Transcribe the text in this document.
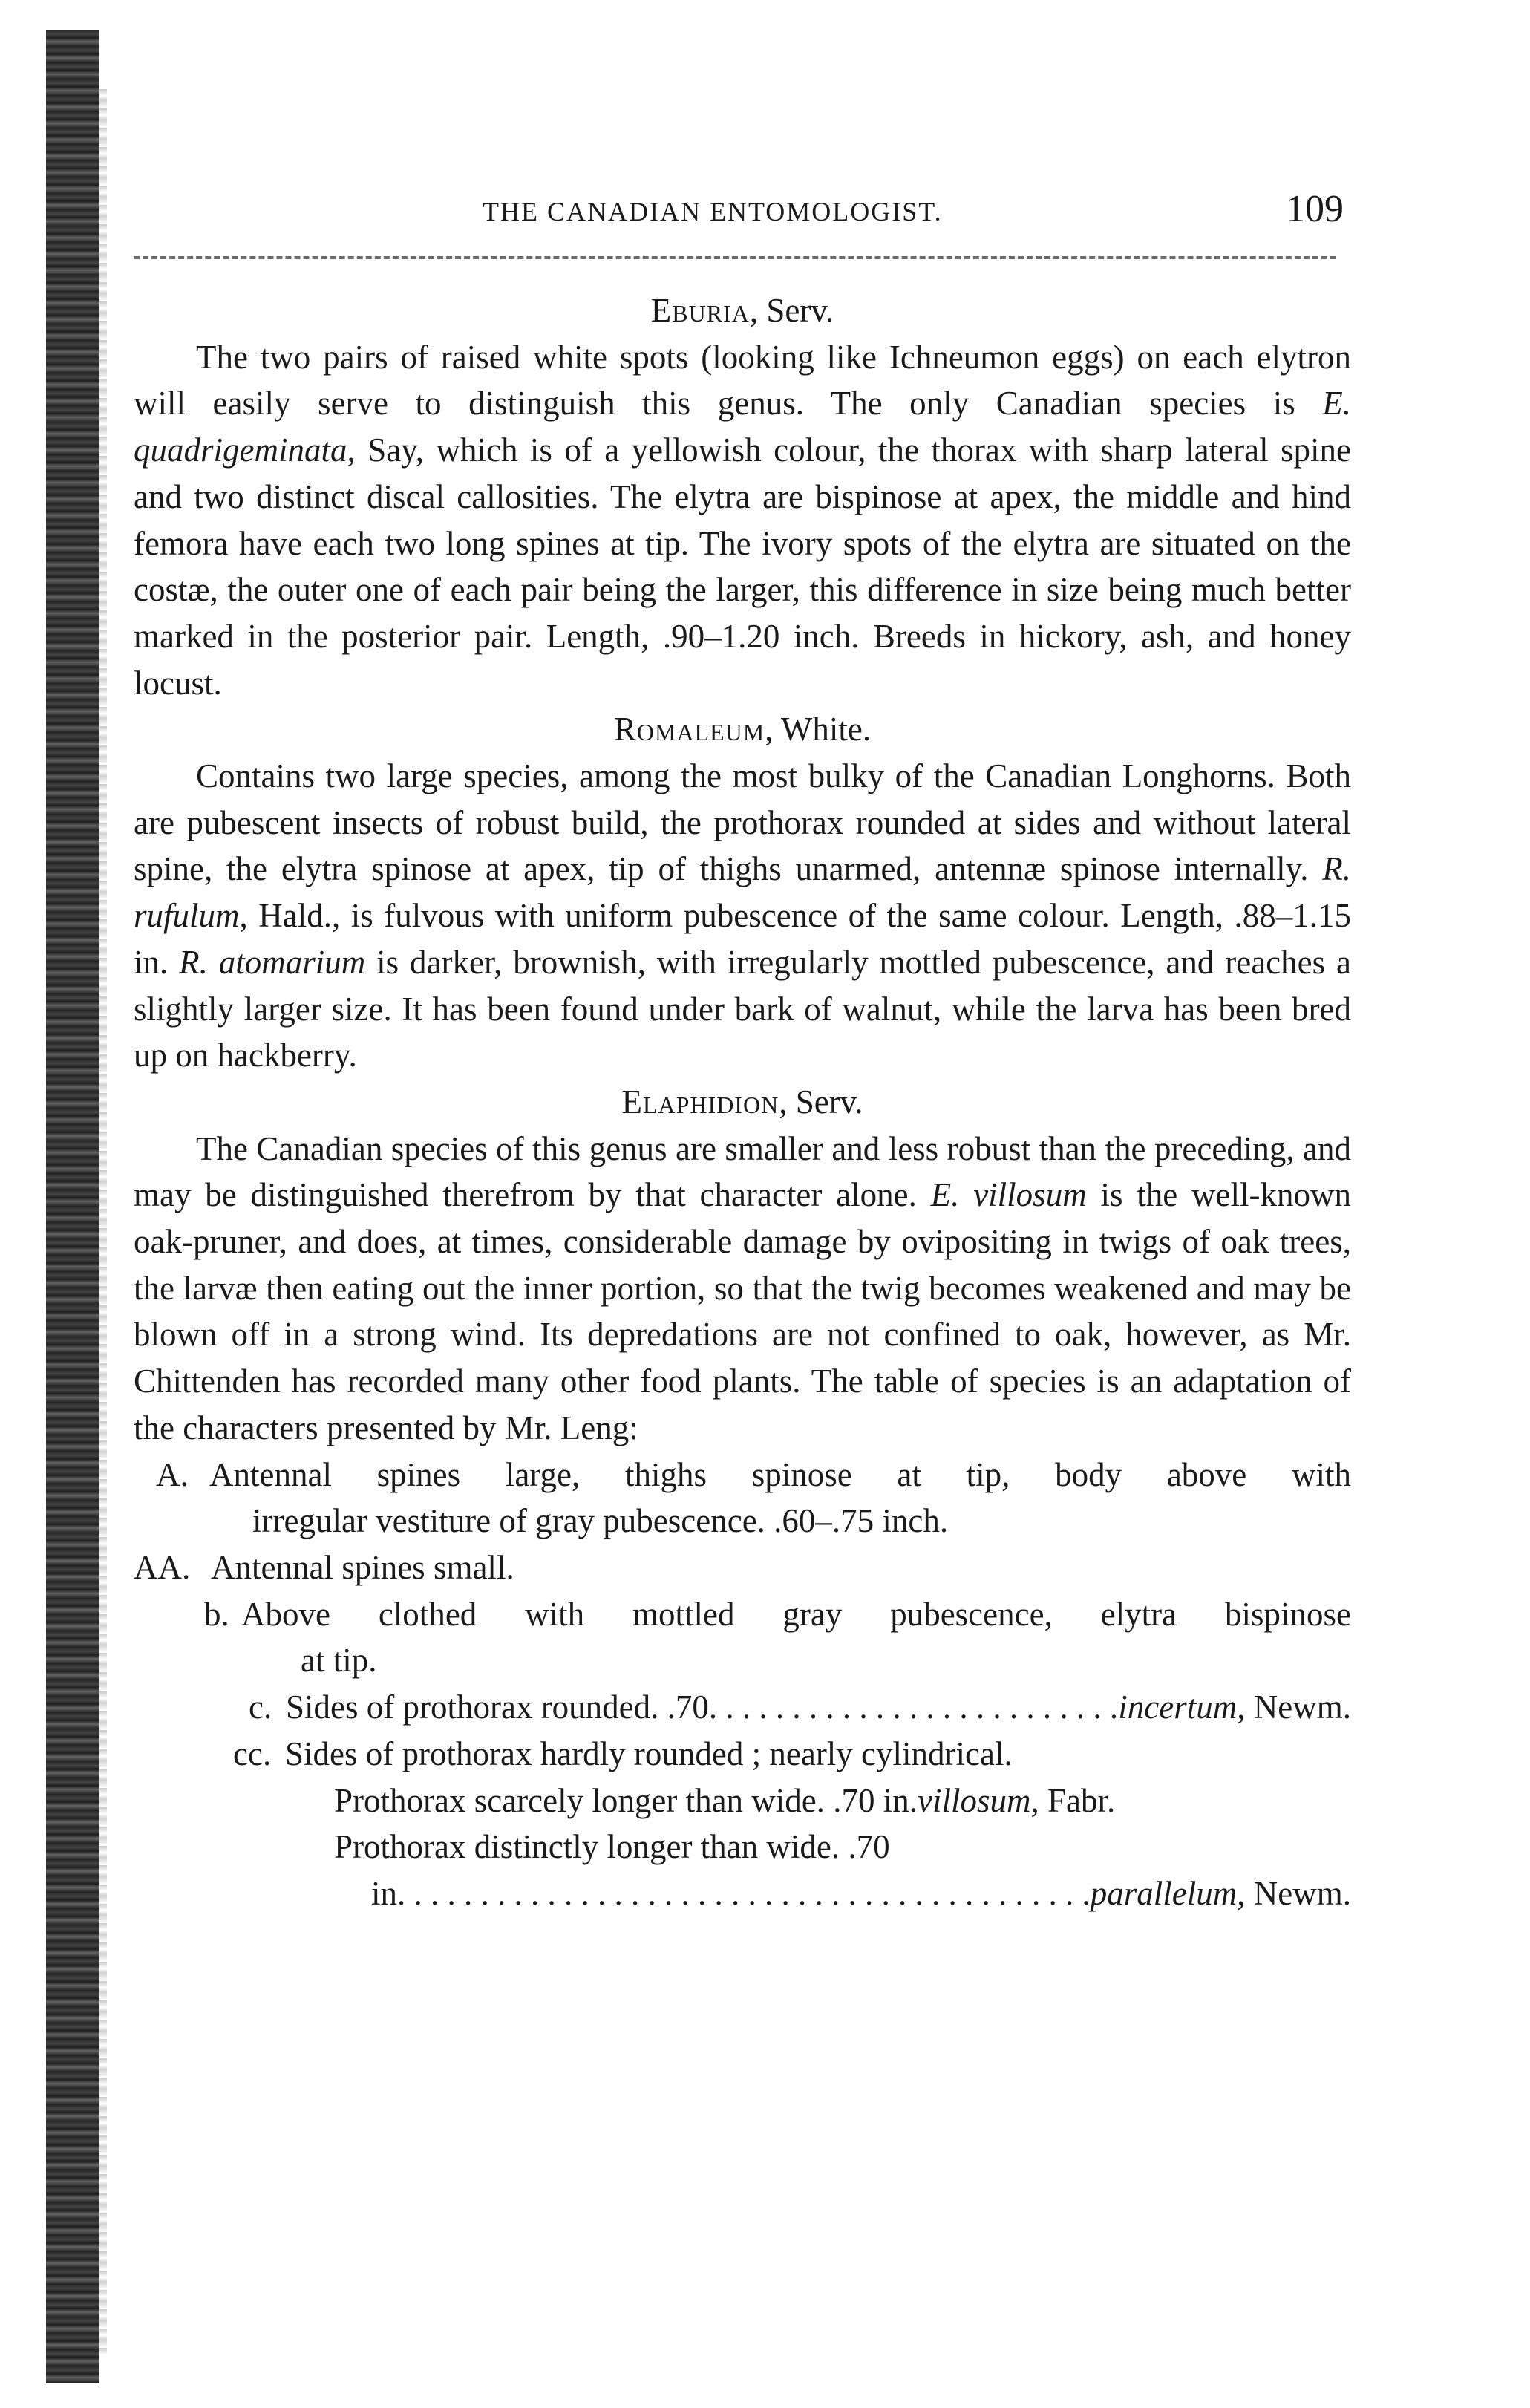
THE CANADIAN ENTOMOLOGIST.	109
Eburia, Serv.

The two pairs of raised white spots (looking like Ichneumon eggs) on each elytron will easily serve to distinguish this genus. The only Canadian species is E. quadrigeminata, Say, which is of a yellowish colour, the thorax with sharp lateral spine and two distinct discal callosities. The elytra are bispinose at apex, the middle and hind femora have each two long spines at tip. The ivory spots of the elytra are situated on the costæ, the outer one of each pair being the larger, this difference in size being much better marked in the posterior pair. Length, .90–1.20 inch. Breeds in hickory, ash, and honey locust.

Romaleum, White.

Contains two large species, among the most bulky of the Canadian Longhorns. Both are pubescent insects of robust build, the prothorax rounded at sides and without lateral spine, the elytra spinose at apex, tip of thighs unarmed, antennæ spinose internally. R. rufulum, Hald., is fulvous with uniform pubescence of the same colour. Length, .88–1.15 in. R. atomarium is darker, brownish, with irregularly mottled pubescence, and reaches a slightly larger size. It has been found under bark of walnut, while the larva has been bred up on hackberry.

Elaphidion, Serv.

The Canadian species of this genus are smaller and less robust than the preceding, and may be distinguished therefrom by that character alone. E. villosum is the well-known oak-pruner, and does, at times, considerable damage by ovipositing in twigs of oak trees, the larvæ then eating out the inner portion, so that the twig becomes weakened and may be blown off in a strong wind. Its depredations are not confined to oak, however, as Mr. Chittenden has recorded many other food plants. The table of species is an adaptation of the characters presented by Mr. Leng:

A. Antennal spines large, thighs spinose at tip, body above with
irregular vestiture of gray pubescence. .60–.75 inch.
AA. Antennal spines small.
b. Above clothed with mottled gray pubescence, elytra bispinose
at tip.
c. Sides of prothorax rounded. .70 . . .	incertum , Newm.
cc. Sides of prothorax hardly rounded ; nearly cylindrical.
Prothorax scarcely longer than wide. .70 in. villosum , Fabr.
Prothorax distinctly longer than wide. .70
in . . .	parallelum , Newm.
